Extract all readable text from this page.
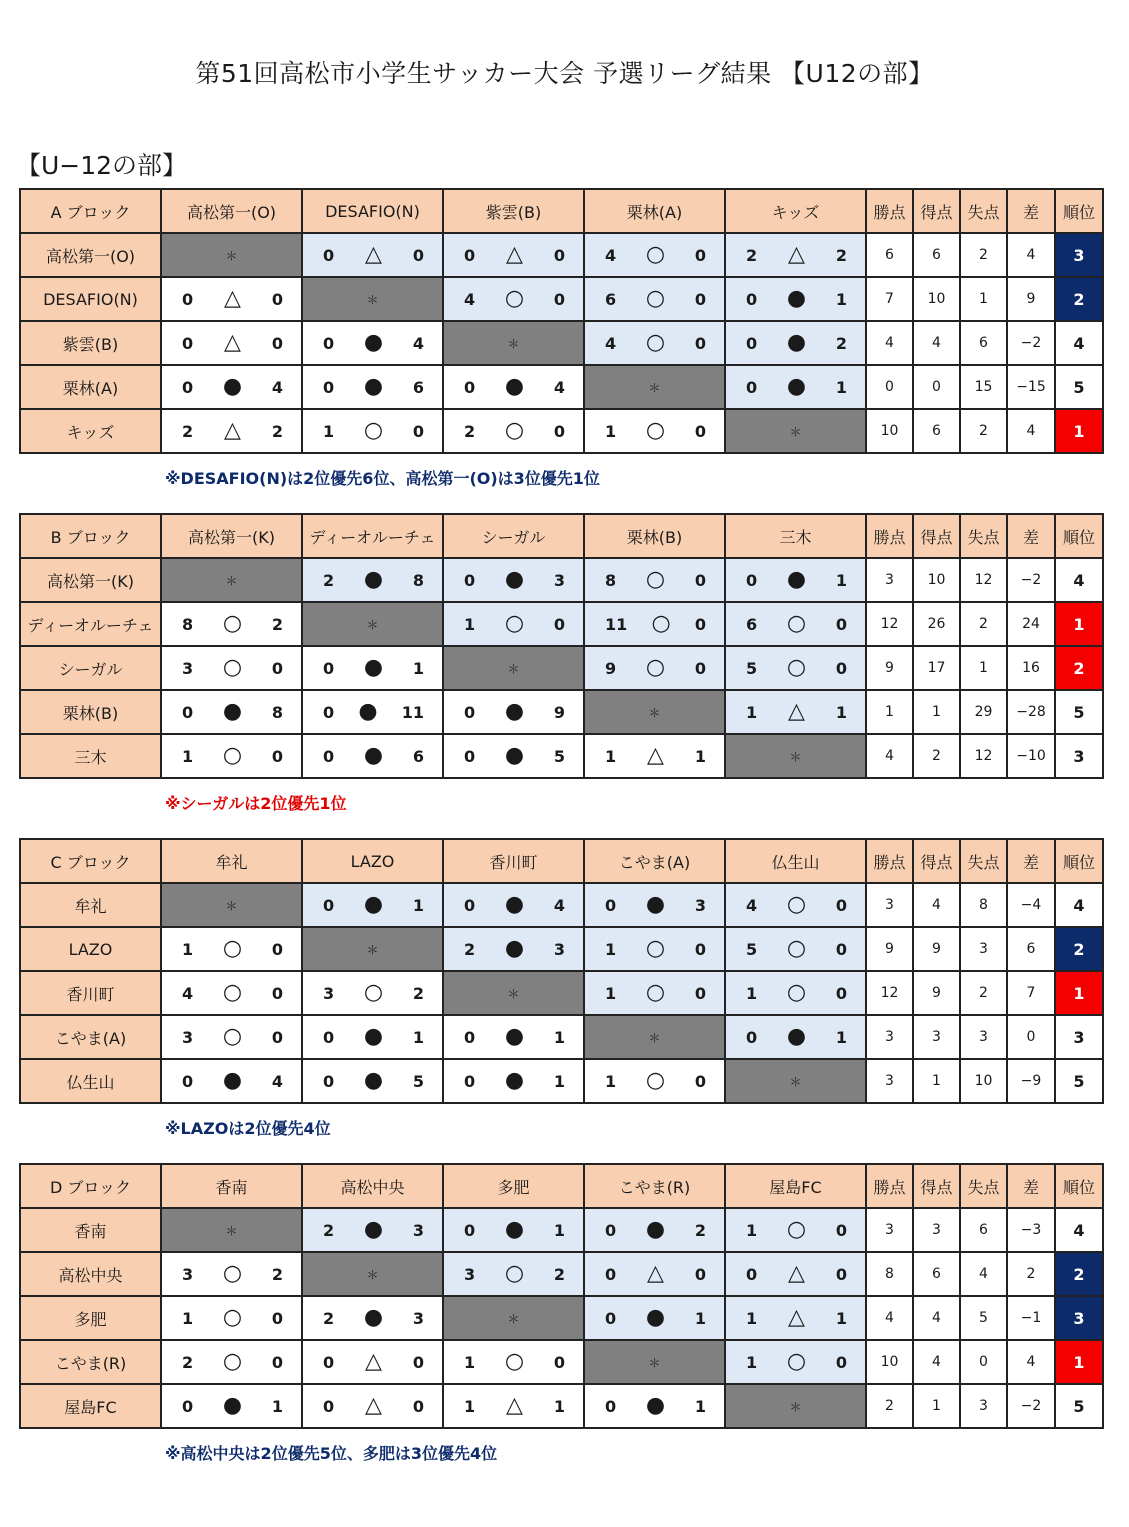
第51回高松市小学生サッカー大会 予選リーグ結果 【U12の部】
【U−12の部】
A ブロック	高松第一(O)	DESAFIO(N)	紫雲(B)	栗林(A)	キッズ	勝点	得点	失点	差	順位
高松第一(O)	＊	0 △ 0	0 △ 0	4 ○ 0	2 △ 2	6	6	2	4	3
DESAFIO(N)	0 △ 0	＊	4 ○ 0	6 ○ 0	0 ● 1	7	10	1	9	2
紫雲(B)	0 △ 0	0 ● 4	＊	4 ○ 0	0 ● 2	4	4	6	−2	4
栗林(A)	0 ● 4	0 ● 6	0 ● 4	＊	0 ● 1	0	0	15	−15	5
キッズ	2 △ 2	1 ○ 0	2 ○ 0	1 ○ 0	＊	10	6	2	4	1
※DESAFIO(N)は2位優先6位、高松第一(O)は3位優先1位
B ブロック	高松第一(K)	ディーオルーチェ	シーガル	栗林(B)	三木	勝点	得点	失点	差	順位
高松第一(K)	＊	2 ● 8	0 ● 3	8 ○ 0	0 ● 1	3	10	12	−2	4
ディーオルーチェ	8 ○ 2	＊	1 ○ 0	11 ○ 0	6 ○ 0	12	26	2	24	1
シーガル	3 ○ 0	0 ● 1	＊	9 ○ 0	5 ○ 0	9	17	1	16	2
栗林(B)	0 ● 8	0 ● 11	0 ● 9	＊	1 △ 1	1	1	29	−28	5
三木	1 ○ 0	0 ● 6	0 ● 5	1 △ 1	＊	4	2	12	−10	3
※シーガルは2位優先1位
C ブロック	牟礼	LAZO	香川町	こやま(A)	仏生山	勝点	得点	失点	差	順位
牟礼	＊	0 ● 1	0 ● 4	0 ● 3	4 ○ 0	3	4	8	−4	4
LAZO	1 ○ 0	＊	2 ● 3	1 ○ 0	5 ○ 0	9	9	3	6	2
香川町	4 ○ 0	3 ○ 2	＊	1 ○ 0	1 ○ 0	12	9	2	7	1
こやま(A)	3 ○ 0	0 ● 1	0 ● 1	＊	0 ● 1	3	3	3	0	3
仏生山	0 ● 4	0 ● 5	0 ● 1	1 ○ 0	＊	3	1	10	−9	5
※LAZOは2位優先4位
D ブロック	香南	高松中央	多肥	こやま(R)	屋島FC	勝点	得点	失点	差	順位
香南	＊	2 ● 3	0 ● 1	0 ● 2	1 ○ 0	3	3	6	−3	4
高松中央	3 ○ 2	＊	3 ○ 2	0 △ 0	0 △ 0	8	6	4	2	2
多肥	1 ○ 0	2 ● 3	＊	0 ● 1	1 △ 1	4	4	5	−1	3
こやま(R)	2 ○ 0	0 △ 0	1 ○ 0	＊	1 ○ 0	10	4	0	4	1
屋島FC	0 ● 1	0 △ 0	1 △ 1	0 ● 1	＊	2	1	3	−2	5
※高松中央は2位優先5位、多肥は3位優先4位
